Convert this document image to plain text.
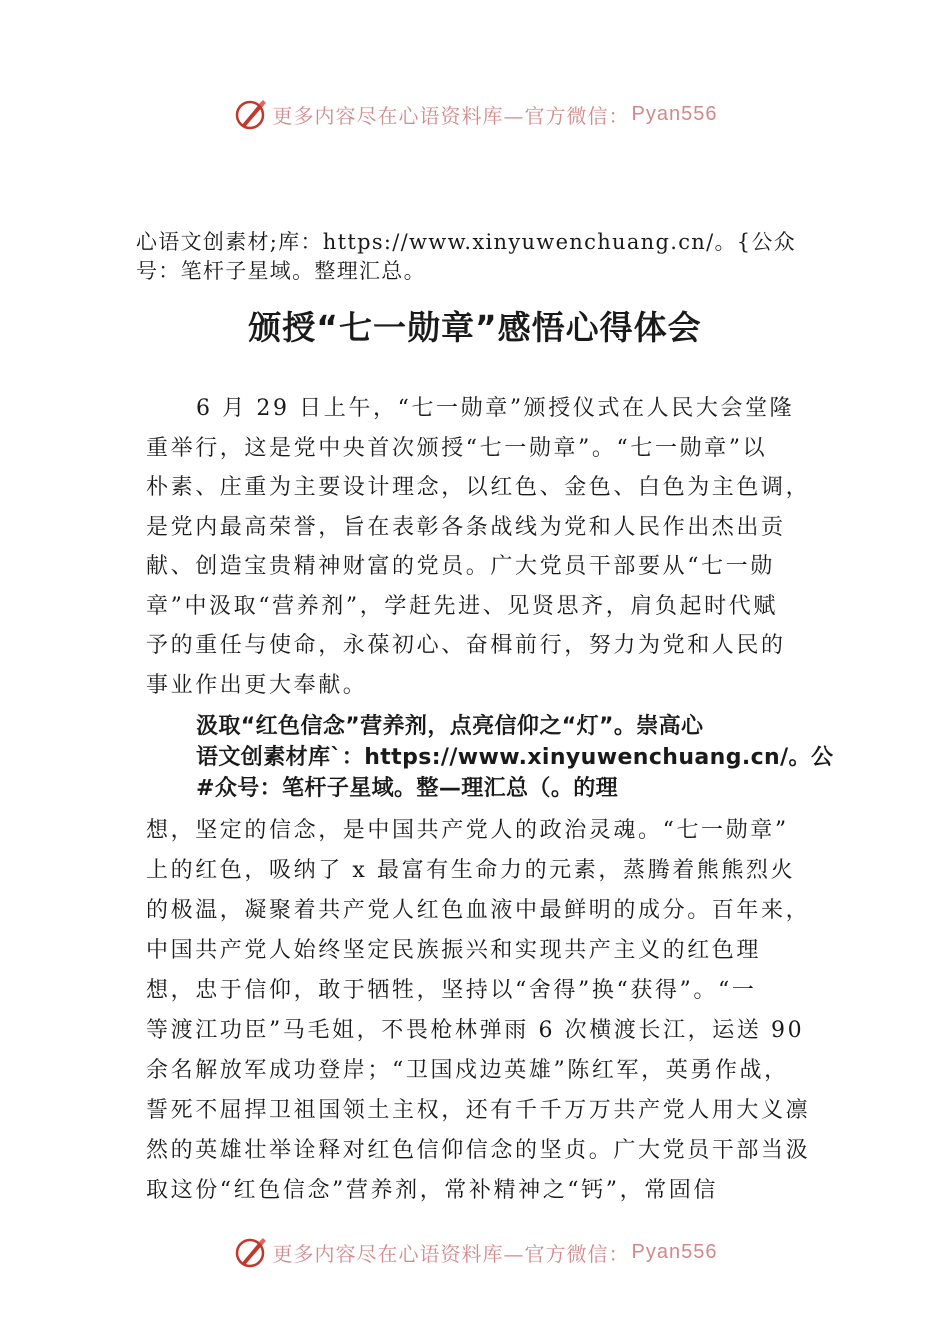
更多内容尽在心语资料库—官方微信： Pyan556
心语文创素材;库：https://www.xinyuwenchuang.cn/。{公众
号：笔杆子星域。整理汇总。
颁授“七一勋章”感悟心得体会
6 月 29 日上午，“七一勋章”颁授仪式在人民大会堂隆
重举行，这是党中央首次颁授“七一勋章”。“七一勋章”以
朴素、庄重为主要设计理念，以红色、金色、白色为主色调，
是党内最高荣誉，旨在表彰各条战线为党和人民作出杰出贡
献、创造宝贵精神财富的党员。广大党员干部要从“七一勋
章”中汲取“营养剂”，学赶先进、见贤思齐，肩负起时代赋
予的重任与使命，永葆初心、奋楫前行，努力为党和人民的
事业作出更大奉献。
汲取“红色信念”营养剂，点亮信仰之“灯”。崇高心
语文创素材库`：https://www.xinyuwenchuang.cn/。公
#众号：笔杆子星域。整—理汇总（。的理
想，坚定的信念，是中国共产党人的政治灵魂。“七一勋章”
上的红色，吸纳了 x 最富有生命力的元素，蒸腾着熊熊烈火
的极温，凝聚着共产党人红色血液中最鲜明的成分。百年来，
中国共产党人始终坚定民族振兴和实现共产主义的红色理
想，忠于信仰，敢于牺牲，坚持以“舍得”换“获得”。“一
等渡江功臣”马毛姐，不畏枪林弹雨 6 次横渡长江，运送 90
余名解放军成功登岸；“卫国戍边英雄”陈红军，英勇作战，
誓死不屈捍卫祖国领土主权，还有千千万万共产党人用大义凛
然的英雄壮举诠释对红色信仰信念的坚贞。广大党员干部当汲
取这份“红色信念”营养剂，常补精神之“钙”，常固信
更多内容尽在心语资料库—官方微信： Pyan556
